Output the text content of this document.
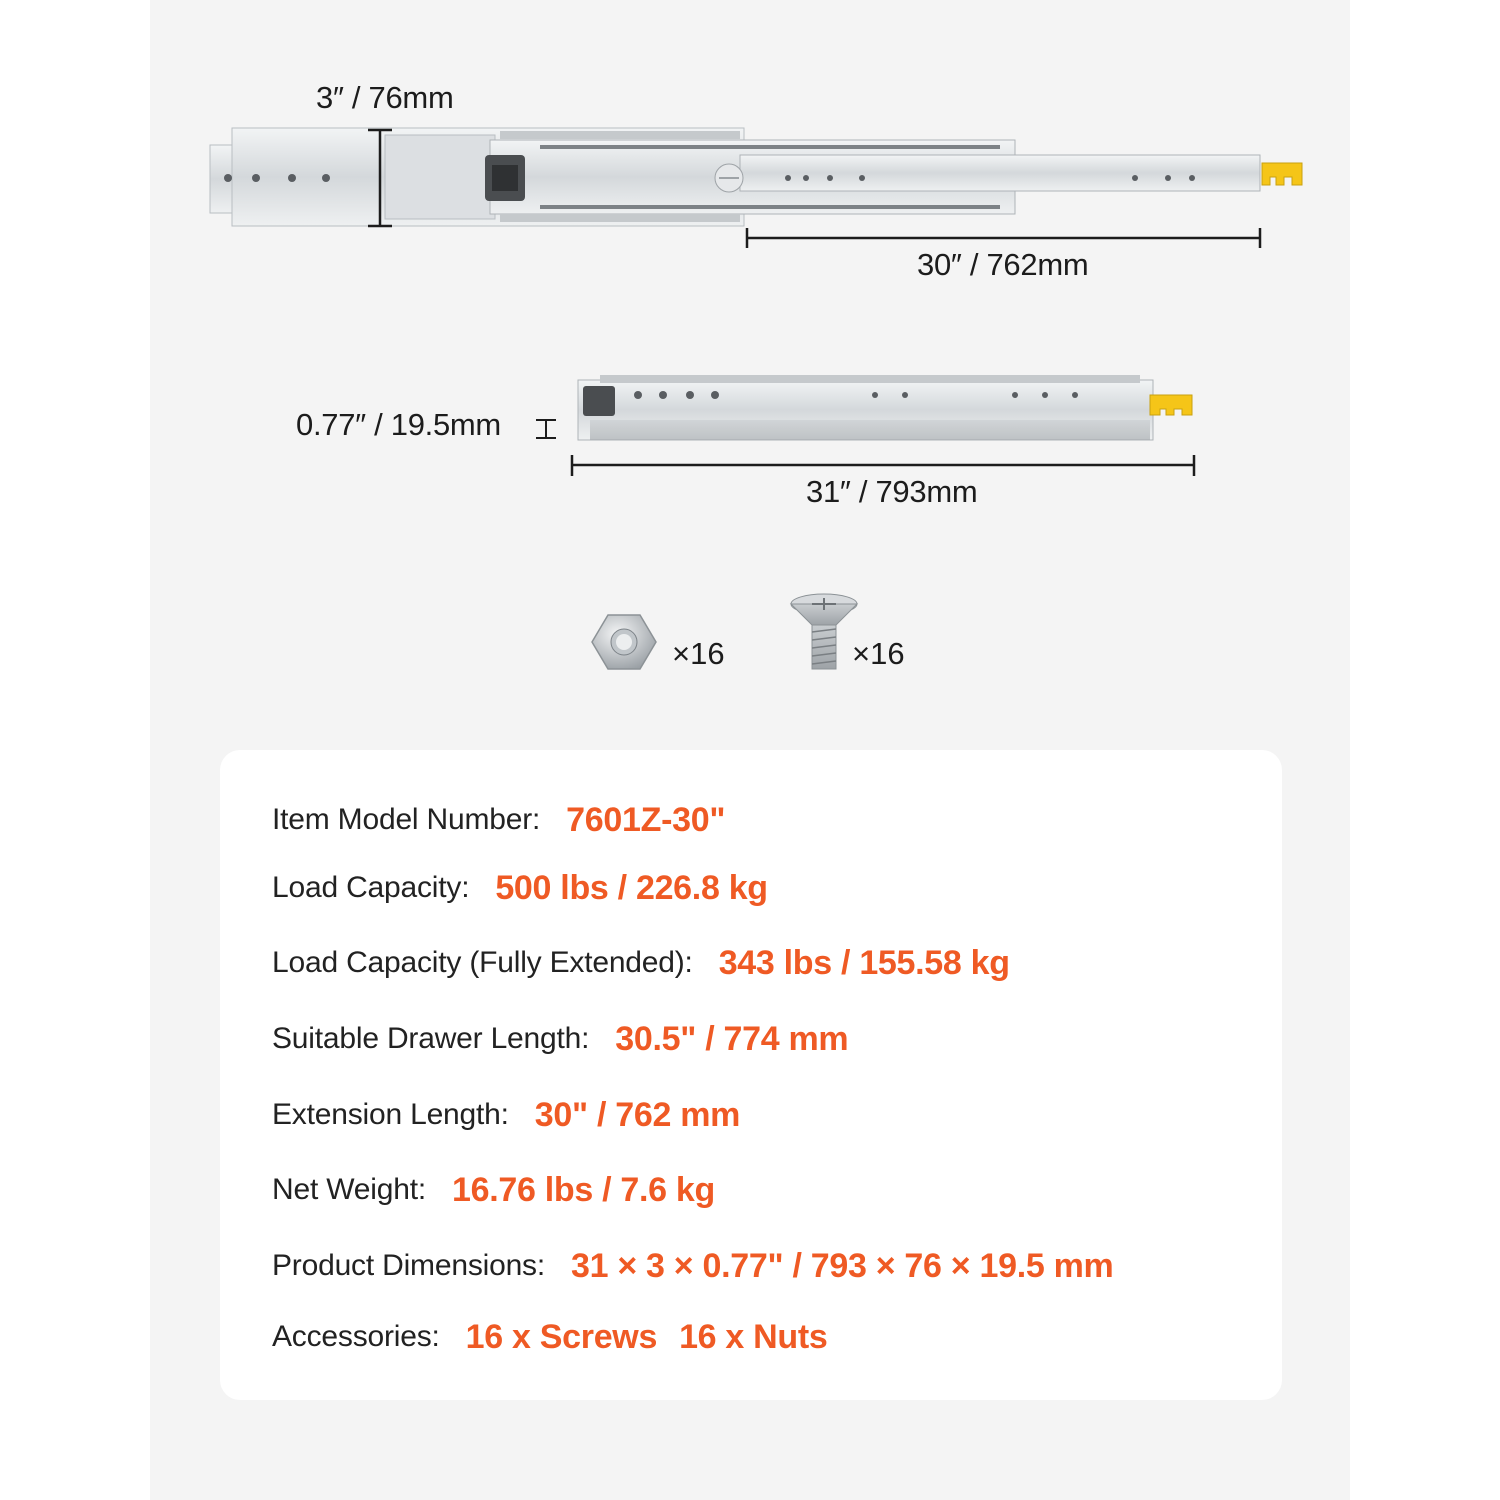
3″ / 76mm
30″ / 762mm
0.77″ / 19.5mm
31″ / 793mm
×16	×16
Item Model Number: 7601Z-30"
Load Capacity: 500 lbs / 226.8 kg
Load Capacity (Fully Extended): 343 lbs / 155.58 kg
Suitable Drawer Length: 30.5" / 774 mm
Extension Length: 30" / 762 mm
Net Weight: 16.76 lbs / 7.6 kg
Product Dimensions: 31 × 3 × 0.77" / 793 × 76 × 19.5 mm
Accessories: 16 x Screws 16 x Nuts
